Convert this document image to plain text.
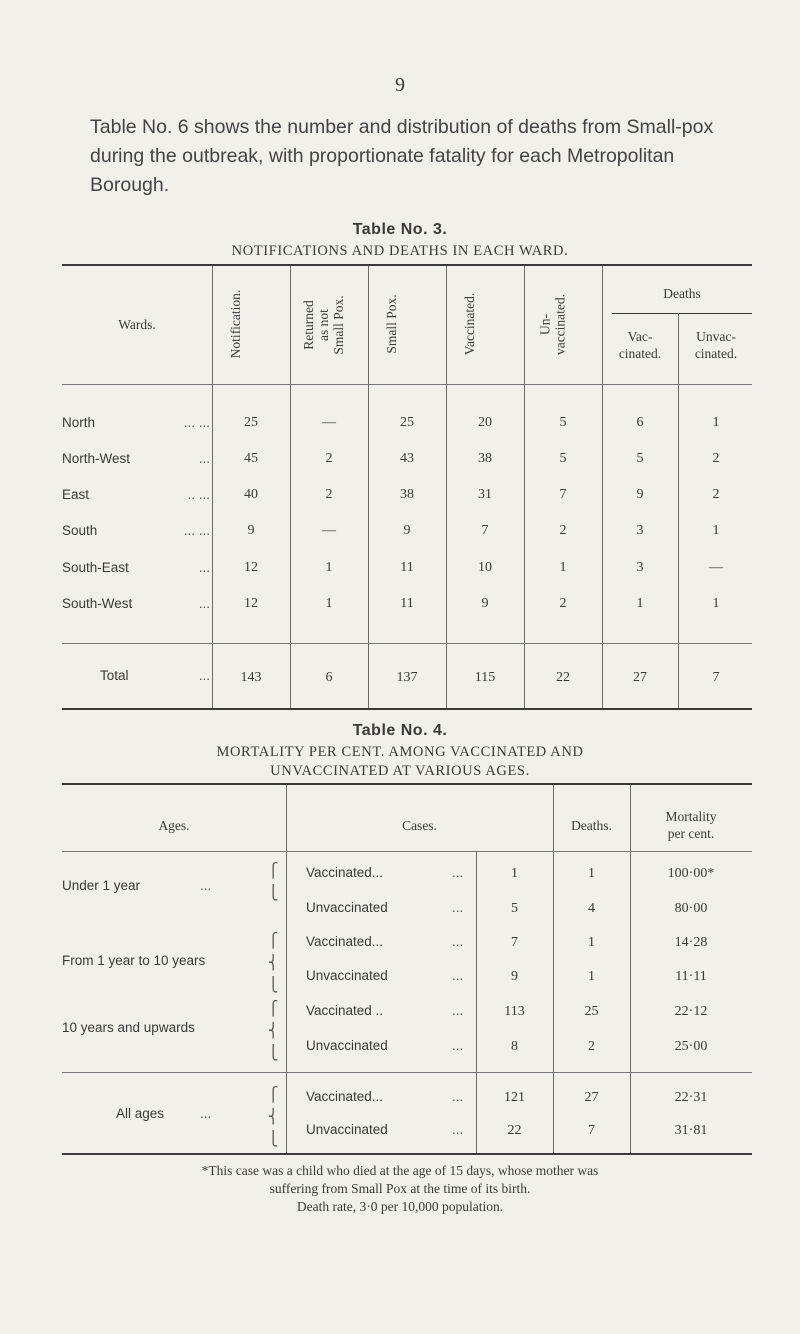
9
Table No. 6 shows the number and distribution of deaths from Small-pox during the outbreak, with proportionate fatality for each Metropolitan Borough.
Table No. 3.
NOTIFICATIONS AND DEATHS IN EACH WARD.
Wards.	Notification.	Returned
as not
Small Pox.	Small Pox.	Vaccinated.	Un-
vaccinated.
Deaths
Vac-
cinated.
Unvac-
cinated.
North	... ...	25	—	25	20	5	6	1
North-West	...	45	2	43	38	5	5	2
East	.. ...	40	2	38	31	7	9	2
South	... ...	9	—	9	7	2	3	1
South-East	...	12	1	11	10	1	3	—
South-West	...	12	1	11	9	2	1	1
Total	...	143	6	137	115	22	27	7
Table No. 4.
MORTALITY PER CENT. AMONG VACCINATED AND
UNVACCINATED AT VARIOUS AGES.
Ages.	Cases.	Deaths.
Mortality
per cent.
Under 1 year	...
⎧
⎩
Vaccinated...	...	1	1	100·00*
Unvaccinated	...	5	4	80·00
From 1 year to 10 years
⎧
⎨
⎩
Vaccinated...	...	7	1	14·28
Unvaccinated	...	9	1	11·11
10 years and upwards
⎧
⎨
⎩
Vaccinated ..	...	113	25	22·12
Unvaccinated	...	8	2	25·00
All ages	...
⎧
⎨
⎩
Vaccinated...	...	121	27	22·31
Unvaccinated	...	22	7	31·81
*This case was a child who died at the age of 15 days, whose mother was
suffering from Small Pox at the time of its birth.
Death rate, 3·0 per 10,000 population.
